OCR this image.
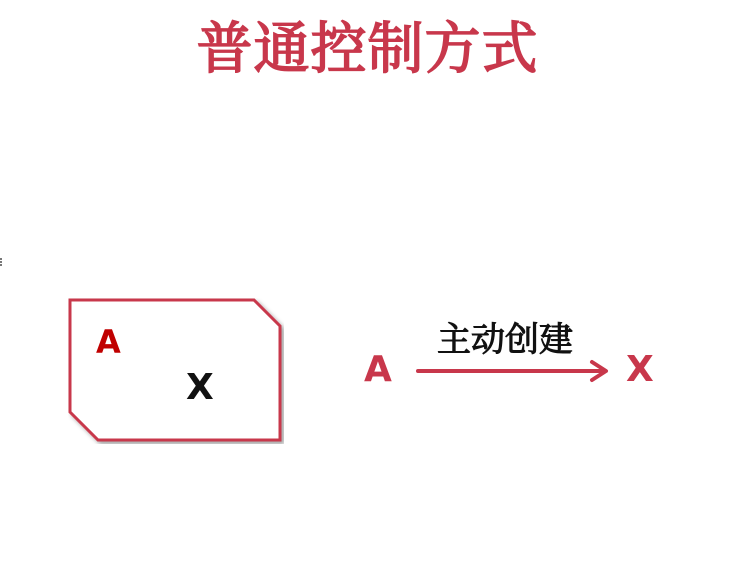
普通控制方式
A
X	A
主动创建
X
